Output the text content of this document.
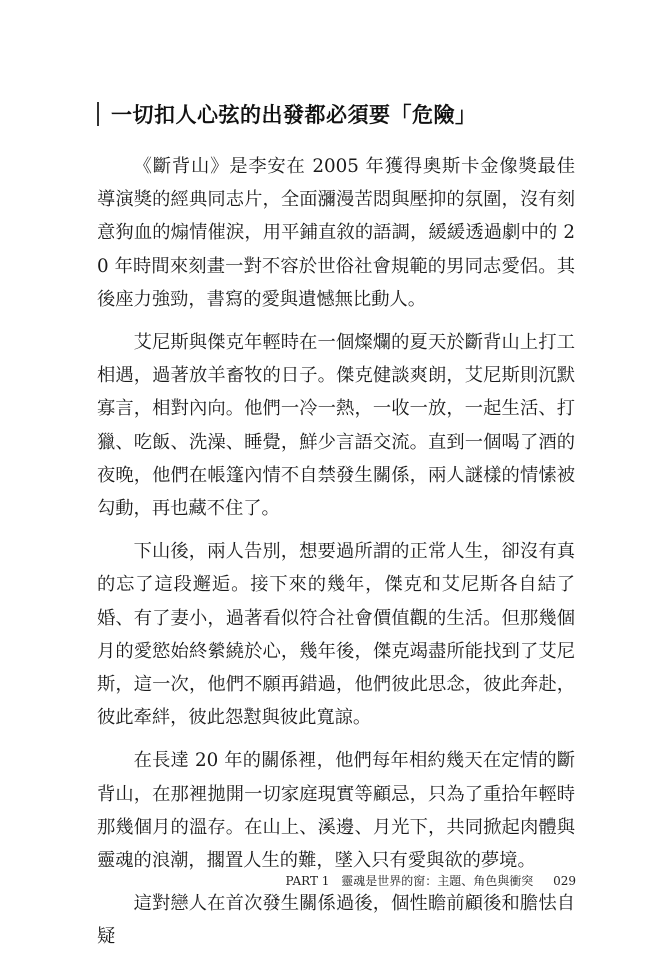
一切扣人心弦的出發都必須要「危險」

《斷背山》是李安在 2005 年獲得奧斯卡金像獎最佳導演獎的經典同志片，全面瀰漫苦悶與壓抑的氛圍，沒有刻意狗血的煽情催淚，用平鋪直敘的語調，緩緩透過劇中的 20 年時間來刻畫一對不容於世俗社會規範的男同志愛侶。其後座力強勁，書寫的愛與遺憾無比動人。

艾尼斯與傑克年輕時在一個燦爛的夏天於斷背山上打工相遇，過著放羊畜牧的日子。傑克健談爽朗，艾尼斯則沉默寡言，相對內向。他們一冷一熱，一收一放，一起生活、打獵、吃飯、洗澡、睡覺，鮮少言語交流。直到一個喝了酒的夜晚，他們在帳篷內情不自禁發生關係，兩人謎樣的情愫被勾動，再也藏不住了。

下山後，兩人告別，想要過所謂的正常人生，卻沒有真的忘了這段邂逅。接下來的幾年，傑克和艾尼斯各自結了婚、有了妻小，過著看似符合社會價值觀的生活。但那幾個月的愛慾始終縈繞於心，幾年後，傑克竭盡所能找到了艾尼斯，這一次，他們不願再錯過，他們彼此思念，彼此奔赴，彼此牽絆，彼此怨懟與彼此寬諒。

在長達 20 年的關係裡，他們每年相約幾天在定情的斷背山，在那裡拋開一切家庭現實等顧忌，只為了重拾年輕時那幾個月的溫存。在山上、溪邊、月光下，共同掀起肉體與靈魂的浪潮，擱置人生的難，墜入只有愛與欲的夢境。

這對戀人在首次發生關係過後，個性瞻前顧後和膽怯自疑

PART 1 靈魂是世界的窗：主題、角色與衝突 029
